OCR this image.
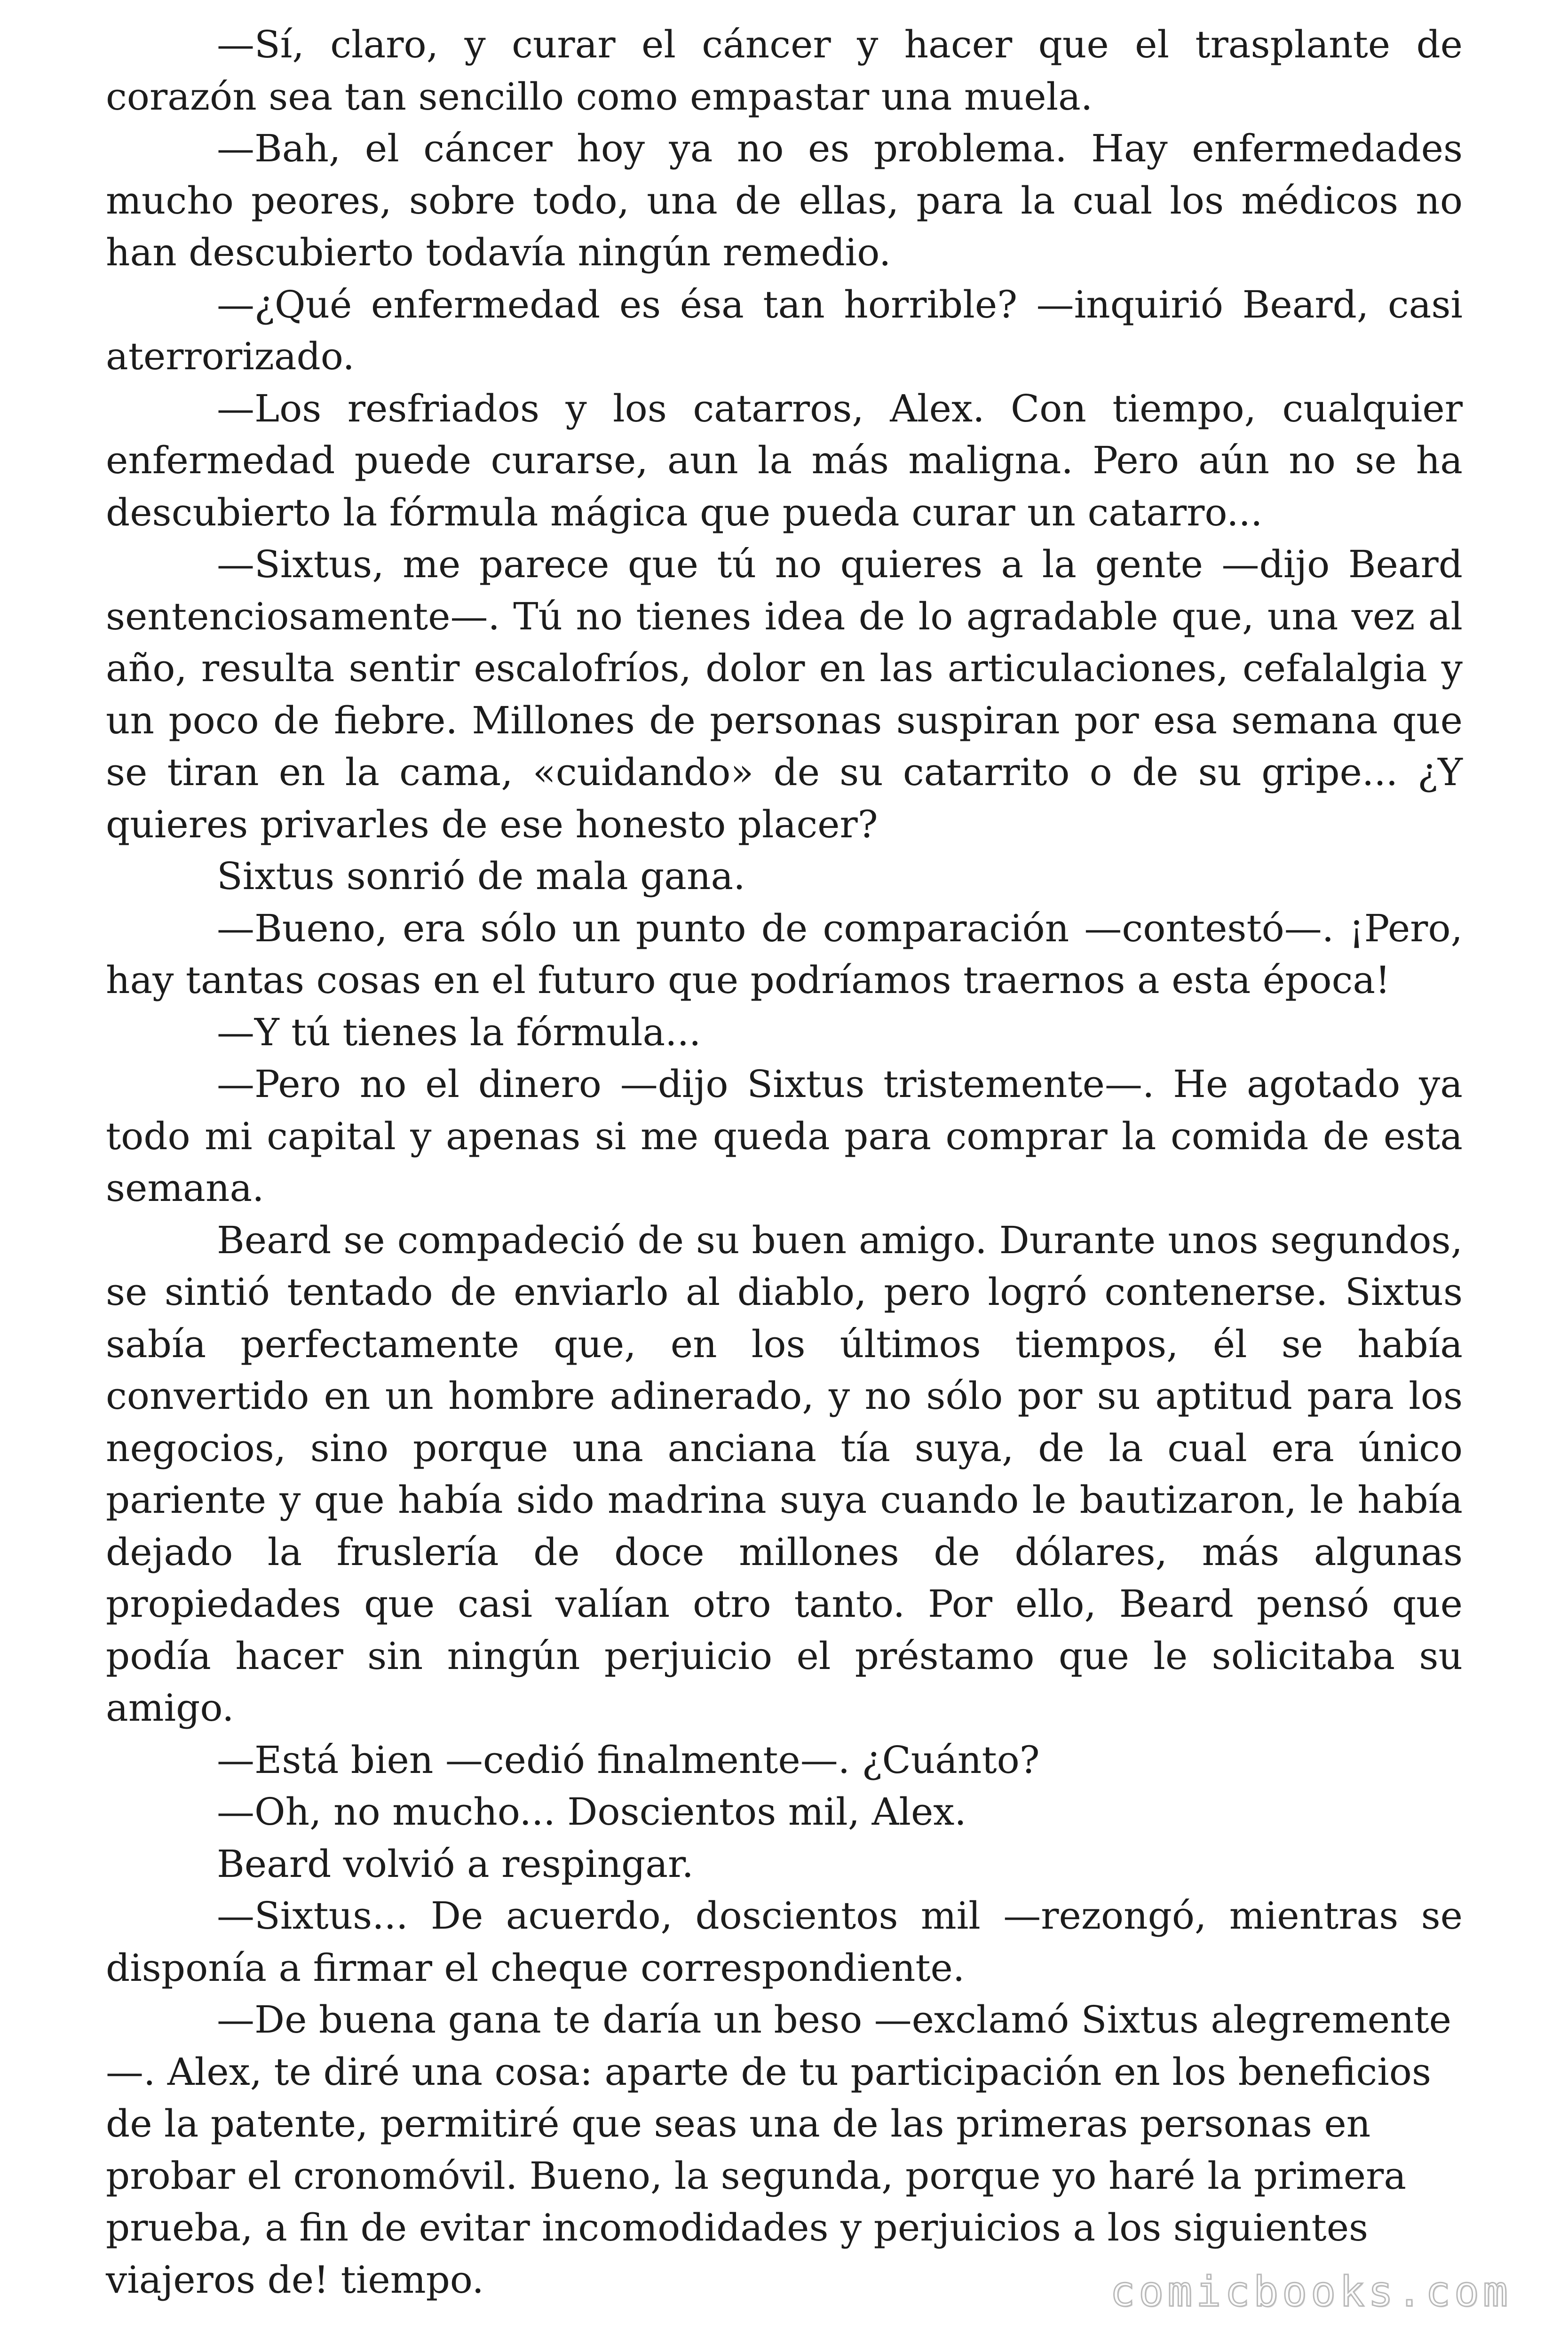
—Sí, claro, y curar el cáncer y hacer que el trasplante de corazón sea tan sencillo como empastar una muela.

—Bah, el cáncer hoy ya no es problema. Hay enfermedades mucho peores, sobre todo, una de ellas, para la cual los médicos no han descubierto todavía ningún remedio.

—¿Qué enfermedad es ésa tan horrible? —inquirió Beard, casi aterrorizado.

—Los resfriados y los catarros, Alex. Con tiempo, cualquier enfermedad puede curarse, aun la más maligna. Pero aún no se ha descubierto la fórmula mágica que pueda curar un catarro...

—Sixtus, me parece que tú no quieres a la gente —dijo Beard sentenciosamente—. Tú no tienes idea de lo agradable que, una vez al año, resulta sentir escalofríos, dolor en las articulaciones, cefalalgia y un poco de fiebre. Millones de personas suspiran por esa semana que se tiran en la cama, «cuidando» de su catarrito o de su gripe... ¿Y quieres privarles de ese honesto placer?

Sixtus sonrió de mala gana.

—Bueno, era sólo un punto de comparación —contestó—. ¡Pero, hay tantas cosas en el futuro que podríamos traernos a esta época!

—Y tú tienes la fórmula...

—Pero no el dinero —dijo Sixtus tristemente—. He agotado ya todo mi capital y apenas si me queda para comprar la comida de esta semana.

Beard se compadeció de su buen amigo. Durante unos segundos, se sintió tentado de enviarlo al diablo, pero logró contenerse. Sixtus sabía perfectamente que, en los últimos tiempos, él se había convertido en un hombre adinerado, y no sólo por su aptitud para los negocios, sino porque una anciana tía suya, de la cual era único pariente y que había sido madrina suya cuando le bautizaron, le había dejado la fruslería de doce millones de dólares, más algunas propiedades que casi valían otro tanto. Por ello, Beard pensó que podía hacer sin ningún perjuicio el préstamo que le solicitaba su amigo.

—Está bien —cedió finalmente—. ¿Cuánto?

—Oh, no mucho... Doscientos mil, Alex.

Beard volvió a respingar.

—Sixtus... De acuerdo, doscientos mil —rezongó, mientras se disponía a firmar el cheque correspondiente.

—De buena gana te daría un beso —exclamó Sixtus alegremente —. Alex, te diré una cosa: aparte de tu participación en los beneficios de la patente, permitiré que seas una de las primeras personas en probar el cronomóvil. Bueno, la segunda, porque yo haré la primera prueba, a fin de evitar incomodidades y perjuicios a los siguientes viajeros de! tiempo.	comicbooks.com
